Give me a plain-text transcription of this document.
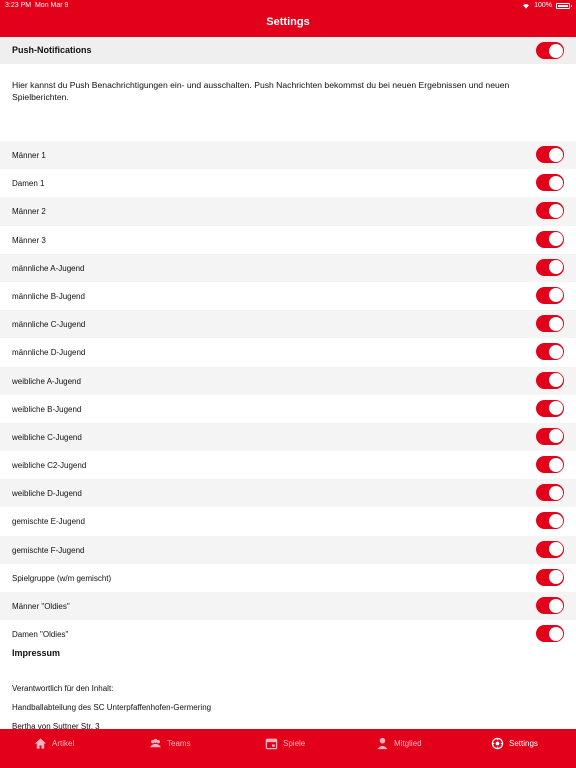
3:23 PM Mon Mar 9	100%
Settings
Push-Notifications
Hier kannst du Push Benachrichtigungen ein- und ausschalten. Push Nachrichten bekommst du bei neuen Ergebnissen und neuen Spielberichten.
Männer 1
Damen 1
Männer 2
Männer 3
männliche A-Jugend
männliche B-Jugend
männliche C-Jugend
männliche D-Jugend
weibliche A-Jugend
weibliche B-Jugend
weibliche C-Jugend
weibliche C2-Jugend
weibliche D-Jugend
gemischte E-Jugend
gemischte F-Jugend
Spielgruppe (w/m gemischt)
Männer "Oldies"
Damen "Oldies"
Impressum
Verantwortlich für den Inhalt:
Handballabteilung des SC Unterpfaffenhofen-Germering
Bertha von Suttner Str. 3
Artikel	Teams	Spiele	Mitglied	Settings
